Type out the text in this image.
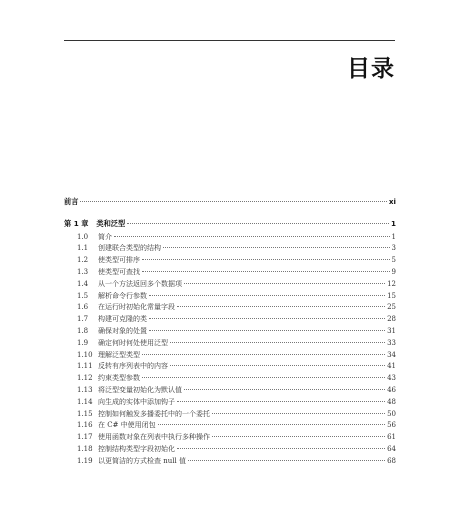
目录
前言	xi
第 1 章 类和泛型	1
1.0	简介	1
1.1	创建联合类型的结构	3
1.2	使类型可排序	5
1.3	使类型可查找	9
1.4	从一个方法返回多个数据项	12
1.5	解析命令行参数	15
1.6	在运行时初始化常量字段	25
1.7	构建可克隆的类	28
1.8	确保对象的处置	31
1.9	确定何时何处使用泛型	33
1.10 理解泛型类型	34
1.11 反转有序列表中的内容	41
1.12 约束类型参数	43
1.13 将泛型变量初始化为默认值	46
1.14 向生成的实体中添加钩子	48
1.15 控制如何触发多播委托中的一个委托	50
1.16 在 C# 中使用闭包	56
1.17 使用函数对象在列表中执行多种操作	61
1.18 控制结构类型字段初始化	64
1.19 以更简洁的方式检查 null 值	68
